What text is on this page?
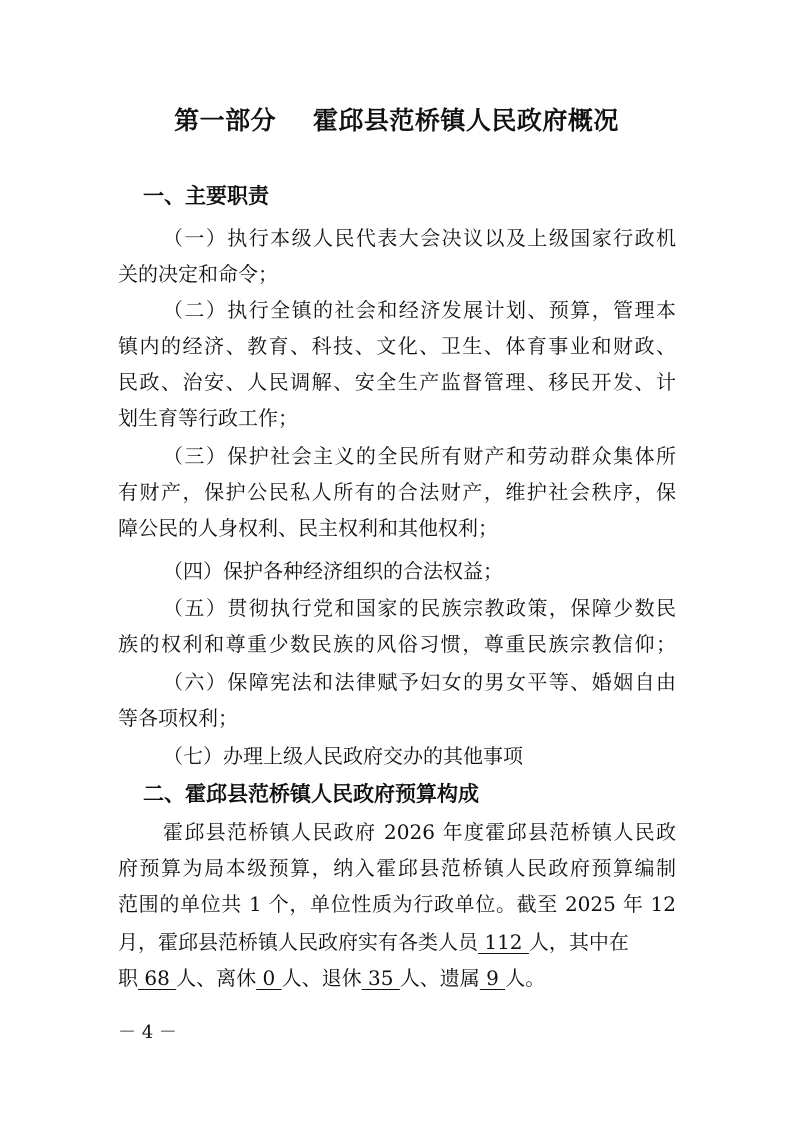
第一部分    霍邱县范桥镇人民政府概况
一、主要职责
（一）执行本级人民代表大会决议以及上级国家行政机
关的决定和命令；
（二）执行全镇的社会和经济发展计划、预算，管理本
镇内的经济、教育、科技、文化、卫生、体育事业和财政、
民政、治安、人民调解、安全生产监督管理、移民开发、计
划生育等行政工作；
（三）保护社会主义的全民所有财产和劳动群众集体所
有财产，保护公民私人所有的合法财产，维护社会秩序，保
障公民的人身权利、民主权利和其他权利；
（四）保护各种经济组织的合法权益；
（五）贯彻执行党和国家的民族宗教政策，保障少数民
族的权利和尊重少数民族的风俗习惯，尊重民族宗教信仰；
（六）保障宪法和法律赋予妇女的男女平等、婚姻自由
等各项权利；
（七）办理上级人民政府交办的其他事项
二、霍邱县范桥镇人民政府预算构成
霍邱县范桥镇人民政府 2026 年度霍邱县范桥镇人民政
府预算为局本级预算，纳入霍邱县范桥镇人民政府预算编制
范围的单位共 1 个，单位性质为行政单位。截至 2025 年 12
月，霍邱县范桥镇人民政府实有各类人员 112 人，其中在
职 68 人、离休 0 人、退休 35 人、遗属 9 人。
－ 4 －
